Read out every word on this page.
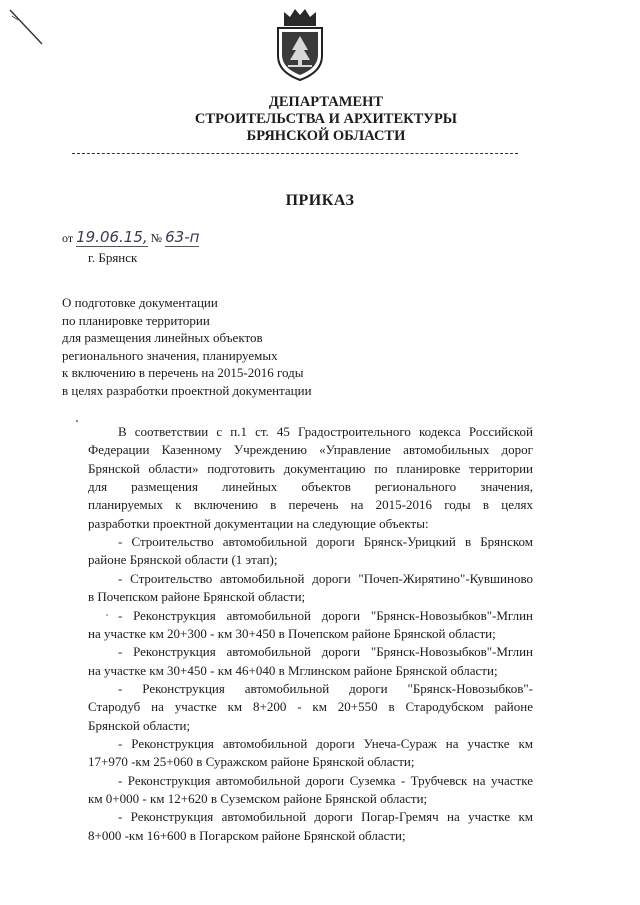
ДЕПАРТАМЕНТ
СТРОИТЕЛЬСТВА И АРХИТЕКТУРЫ
БРЯНСКОЙ ОБЛАСТИ
ПРИКАЗ
от 19.06.15, № 63-п
г. Брянск
О подготовке документации
по планировке территории
для размещения линейных объектов
регионального значения, планируемых
к включению в перечень на 2015-2016 годы
в целях разработки проектной документации
В соответствии с п.1 ст. 45 Градостроительного кодекса Российской
Федерации Казенному Учреждению «Управление автомобильных дорог
Брянской области» подготовить документацию по планировке территории
для размещения линейных объектов регионального значения,
планируемых к включению в перечень на 2015-2016 годы в целях
разработки проектной документации на следующие объекты:
- Строительство автомобильной дороги Брянск-Урицкий в Брянском
районе Брянской области (1 этап);
- Строительство автомобильной дороги "Почеп-Жирятино"-Кувшиново
в Почепском районе Брянской области;
- Реконструкция автомобильной дороги "Брянск-Новозыбков"-Мглин
на участке км 20+300 - км 30+450 в Почепском районе Брянской области;
- Реконструкция автомобильной дороги "Брянск-Новозыбков"-Мглин
на участке км 30+450 - км 46+040 в Мглинском районе Брянской области;
- Реконструкция автомобильной дороги "Брянск-Новозыбков"-
Стародуб на участке км 8+200 - км 20+550 в Стародубском районе
Брянской области;
- Реконструкция автомобильной дороги Унеча-Сураж на участке км
17+970 -км 25+060 в Суражском районе Брянской области;
- Реконструкция автомобильной дороги Суземка - Трубчевск на участке
км 0+000 - км 12+620 в Суземском районе Брянской области;
- Реконструкция автомобильной дороги Погар-Гремяч на участке км
8+000 -км 16+600 в Погарском районе Брянской области;
